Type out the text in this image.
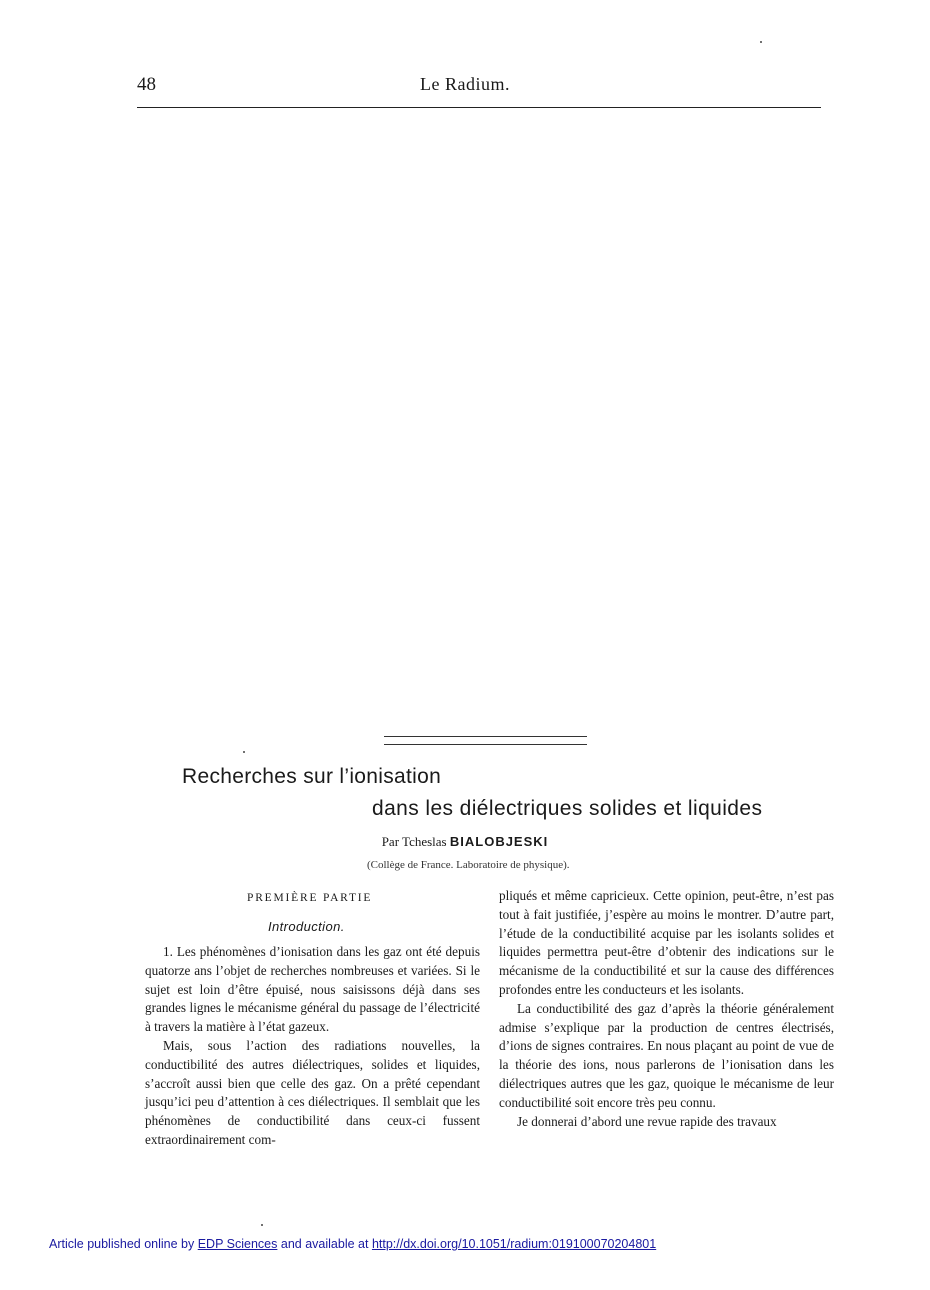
48	Le Radium.
Recherches sur l’ionisation
dans les diélectriques solides et liquides
Par Tcheslas BIALOBJESKI
(Collège de France. Laboratoire de physique).
PREMIÈRE PARTIE
Introduction.

1. Les phénomènes d’ionisation dans les gaz ont été depuis quatorze ans l’objet de recherches nombreuses et variées. Si le sujet est loin d’être épuisé, nous saisissons déjà dans ses grandes lignes le mécanisme général du passage de l’électricité à travers la matière à l’état gazeux.

Mais, sous l’action des radiations nouvelles, la conductibilité des autres diélectriques, solides et liquides, s’accroît aussi bien que celle des gaz. On a prêté cependant jusqu’ici peu d’attention à ces diélectriques. Il semblait que les phénomènes de conductibilité dans ceux-ci fussent extraordinairement com-

pliqués et même capricieux. Cette opinion, peut-être, n’est pas tout à fait justifiée, j’espère au moins le montrer. D’autre part, l’étude de la conductibilité acquise par les isolants solides et liquides permettra peut-être d’obtenir des indications sur le mécanisme de la conductibilité et sur la cause des différences profondes entre les conducteurs et les isolants.

La conductibilité des gaz d’après la théorie généralement admise s’explique par la production de centres électrisés, d’ions de signes contraires. En nous plaçant au point de vue de la théorie des ions, nous parlerons de l’ionisation dans les diélectriques autres que les gaz, quoique le mécanisme de leur conductibilité soit encore très peu connu.

Je donnerai d’abord une revue rapide des travaux

Article published online by EDP Sciences and available at http://dx.doi.org/10.1051/radium:019100070204801
